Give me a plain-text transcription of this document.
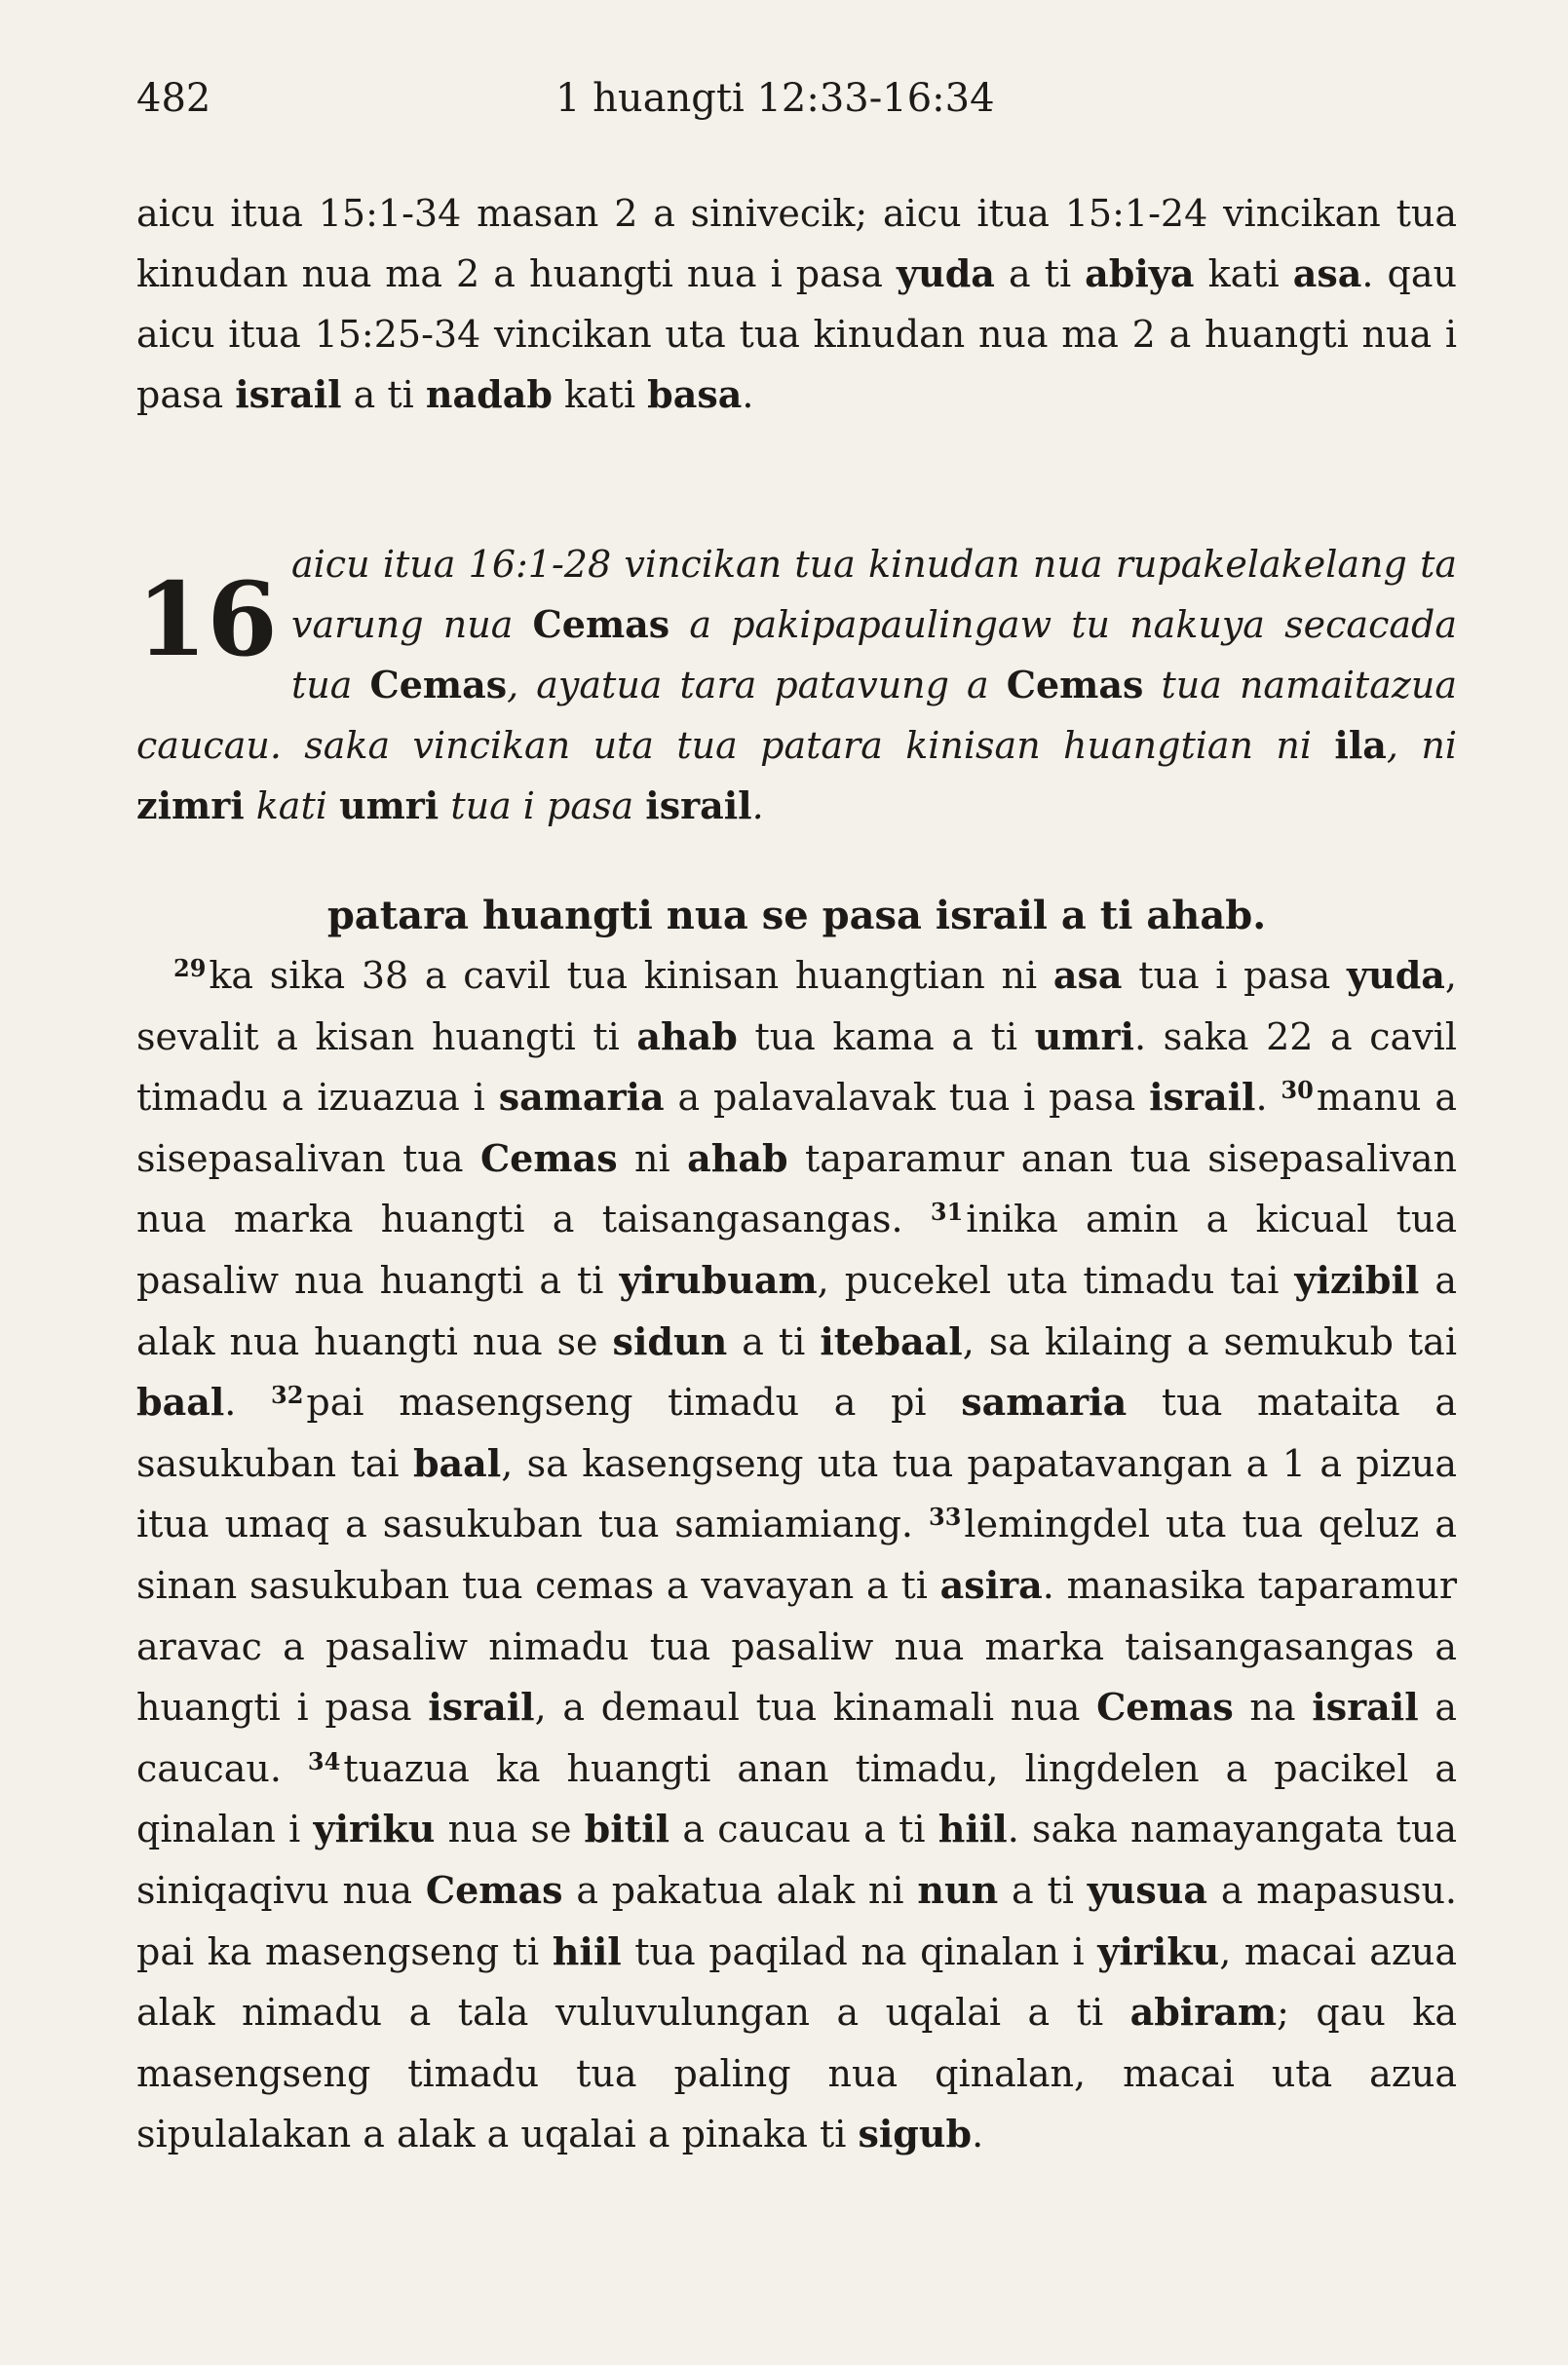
482	1 huangti 12:33-16:34
aicu itua 15:1-34 masan 2 a sinivecik; aicu itua 15:1-24 vincikan tua kinudan nua ma 2 a huangti nua i pasa yuda a ti abiya kati asa. qau aicu itua 15:25-34 vincikan uta tua kinudan nua ma 2 a huangti nua i pasa israil a ti nadab kati basa.
16 aicu itua 16:1-28 vincikan tua kinudan nua rupakelakelang ta varung nua Cemas a pakipapaulingaw tu nakuya secacada tua Cemas, ayatua tara patavung a Cemas tua namaitazua caucau. saka vincikan uta tua patara kinisan huangtian ni ila, ni zimri kati umri tua i pasa israil.
patara huangti nua se pasa israil a ti ahab.

$^{29}$ka sika 38 a cavil tua kinisan huangtian ni asa tua i pasa yuda, sevalit a kisan huangti ti ahab tua kama a ti umri. saka 22 a cavil timadu a izuazua i samaria a palavalavak tua i pasa israil. $^{30}$manu a sisepasalivan tua Cemas ni ahab taparamur anan tua sisepasalivan nua marka huangti a taisangasangas. $^{31}$inika amin a kicual tua pasaliw nua huangti a ti yirubuam, pucekel uta timadu tai yizibil a alak nua huangti nua se sidun a ti itebaal, sa kilaing a semukub tai baal. $^{32}$pai masengseng timadu a pi samaria tua mataita a sasukuban tai baal, sa kasengseng uta tua papatavangan a 1 a pizua itua umaq a sasukuban tua samiamiang. $^{33}$lemingdel uta tua qeluz a sinan sasukuban tua cemas a vavayan a ti asira. manasika taparamur aravac a pasaliw nimadu tua pasaliw nua marka taisangasangas a huangti i pasa israil, a demaul tua kinamali nua Cemas na israil a caucau. $^{34}$tuazua ka huangti anan timadu, lingdelen a pacikel a qinalan i yiriku nua se bitil a caucau a ti hiil. saka namayangata tua siniqaqivu nua Cemas a pakatua alak ni nun a ti yusua a mapasusu. pai ka masengseng ti hiil tua paqilad na qinalan i yiriku, macai azua alak nimadu a tala vuluvulungan a uqalai a ti abiram; qau ka masengseng timadu tua paling nua qinalan, macai uta azua sipulalakan a alak a uqalai a pinaka ti sigub.
